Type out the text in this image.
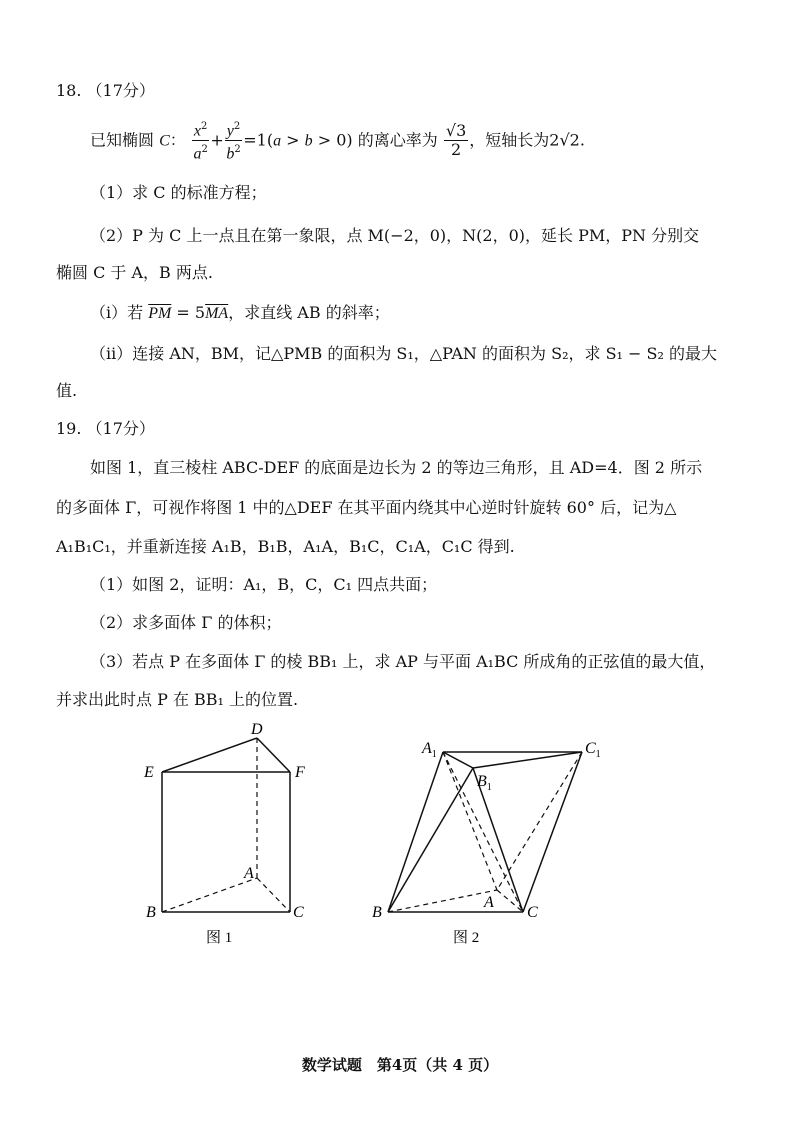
18. （17分）
已知椭圆 C： $\frac{x^2}{a^2} + \frac{y^2}{b^2} =1(a > b > 0)$ 的离心率为 $\frac{√3}{2}$ ，短轴长为2√2.
（1）求 C 的标准方程；
（2）P 为 C 上一点且在第一象限，点 M(−2，0)，N(2，0)，延长 PM，PN 分别交
椭圆 C 于 A，B 两点.
（i）若 $\overline{PM} = 5\overline{MA}$，求直线 AB 的斜率；
（ii）连接 AN，BM，记△PMB 的面积为 S₁，△PAN 的面积为 S₂，求 S₁ − S₂ 的最大
值.
19. （17分）
如图 1，直三棱柱 ABC-DEF 的底面是边长为 2 的等边三角形，且 AD=4．图 2 所示
的多面体 Γ，可视作将图 1 中的△DEF 在其平面内绕其中心逆时针旋转 60° 后，记为△
A₁B₁C₁，并重新连接 A₁B，B₁B，A₁A，B₁C，C₁A，C₁C 得到.
（1）如图 2，证明：A₁，B，C，C₁ 四点共面；
（2）求多面体 Γ 的体积；
（3）若点 P 在多面体 Γ 的棱 BB₁ 上，求 AP 与平面 A₁BC 所成角的正弦值的最大值，
并求出此时点 P 在 BB₁ 上的位置.
D
E	F
A
B	C
图 1
$A_1$
$B_1$
$C_1$
A
B	C
图 2
数学试题　第4页（共 4 页）
